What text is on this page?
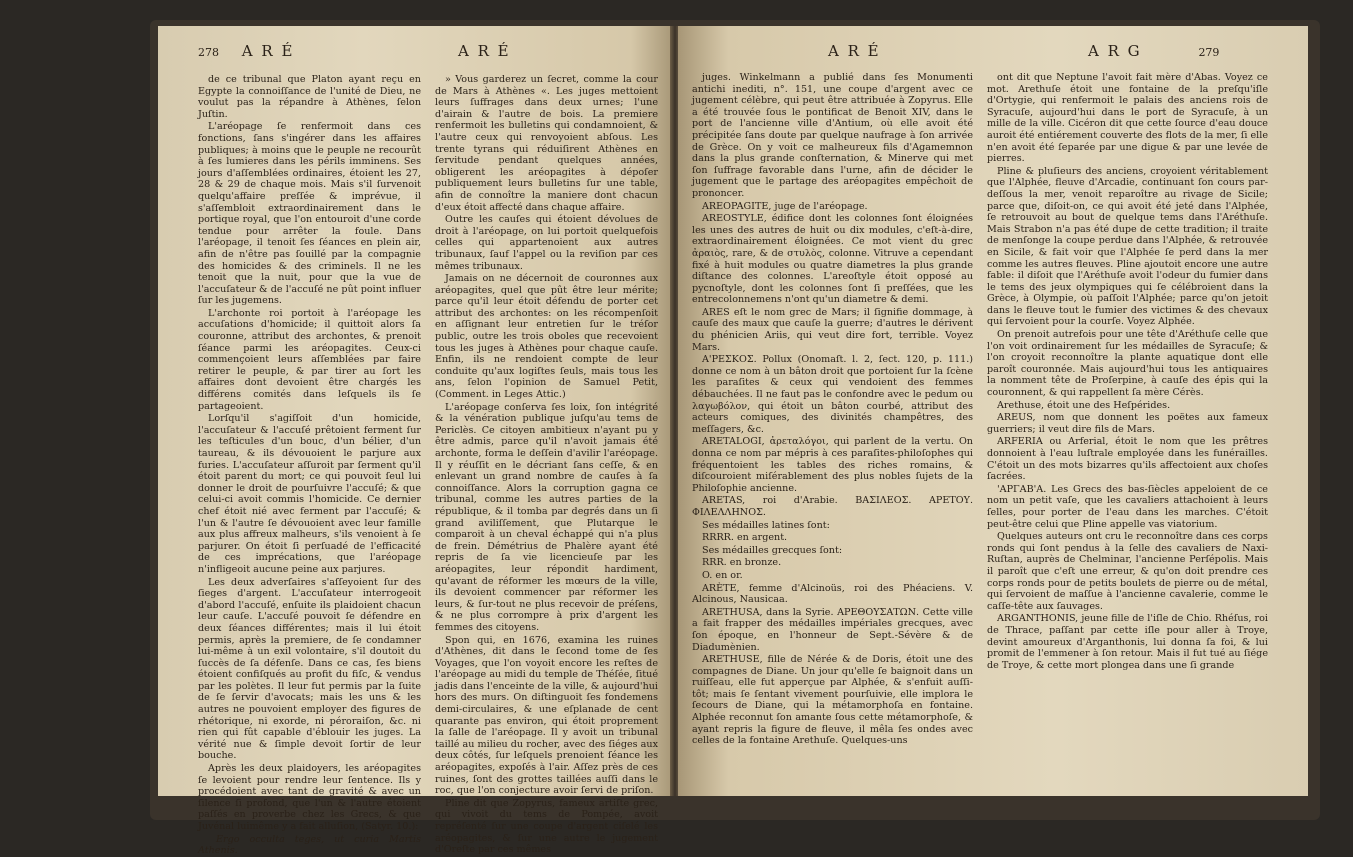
278 A R É	A R É

de ce tribunal que Platon ayant reçu en Egypte la connoiſſance de l'unité de Dieu, ne voulut pas la répandre à Athènes, ſelon Juſtin.

L'aréopage ſe renfermoit dans ces fonctions, ſans s'ingérer dans les affaires publiques; à moins que le peuple ne recourût à ſes lumieres dans les périls imminens. Ses jours d'aſſemblées ordinaires, étoient les 27, 28 & 29 de chaque mois. Mais s'il ſurvenoit quelqu'affaire preſſée & imprévue, il s'aſſembloit extraordinairement dans le portique royal, que l'on entouroit d'une corde tendue pour arrêter la foule. Dans l'aréopage, il tenoit ſes ſéances en plein air, afin de n'être pas ſouillé par la compagnie des homicides & des criminels. Il ne les tenoit que la nuit, pour que la vue de l'accuſateur & de l'accuſé ne pût point influer ſur les jugemens.

L'archonte roi portoit à l'aréopage les accuſations d'homicide; il quittoit alors ſa couronne, attribut des archontes, & prenoit ſéance parmi les aréopagites. Ceux-ci commençoient leurs aſſemblées par faire retirer le peuple, & par tirer au ſort les affaires dont devoient être chargés les différens comités dans leſquels ils ſe partageoient.

Lorſqu'il s'agiſſoit d'un homicide, l'accuſateur & l'accuſé prêtoient ferment ſur les teſticules d'un bouc, d'un bélier, d'un taureau, & ils dévouoient le parjure aux furies. L'accuſateur aſſuroit par ſerment qu'il étoit parent du mort; ce qui pouvoit ſeul lui donner le droit de pourſuivre l'accuſé; & que celui-ci avoit commis l'homicide. Ce dernier chef étoit nié avec ferment par l'accuſé; & l'un & l'autre ſe dévouoient avec leur famille aux plus affreux malheurs, s'ils venoient à ſe parjurer. On étoit ſi perſuadé de l'efficacité de ces imprécations, que l'aréopage n'infligeoit aucune peine aux parjures.

Les deux adverſaires s'aſſeyoient ſur des ſieges d'argent. L'accuſateur interrogeoit d'abord l'accuſé, enſuite ils plaidoient chacun leur cauſe. L'accuſé pouvoit ſe défendre en deux ſéances différentes; mais il lui étoit permis, après la premiere, de ſe condamner lui-même à un exil volontaire, s'il doutoit du ſuccès de ſa défenſe. Dans ce cas, ſes biens étoient confiſqués au profit du fiſc, & vendus par les polètes. Il leur fut permis par la ſuite de ſe ſervir d'avocats; mais les uns & les autres ne pouvoient employer des figures de rhétorique, ni exorde, ni péroraiſon, &c. ni rien qui fût capable d'éblouir les juges. La vérité nue & ſimple devoit ſortir de leur bouche.

Après les deux plaidoyers, les aréopagites ſe levoient pour rendre leur ſentence. Ils y procédoient avec tant de gravité & avec un ſilence ſi profond, que l'un & l'autre étoient paſſés en proverbe chez les Grecs, & que Juvénal luimême y a fait alluſion, (Satyr. 10.):

Ergo occulta teges, ut curia Martis Athenis.

» Vous garderez un ſecret, comme la cour de Mars à Athènes «. Les juges mettoient leurs ſuffrages dans deux urnes; l'une d'airain & l'autre de bois. La premiere renfermoit les bulletins qui condamnoient, & l'autre ceux qui renvoyoient abſous. Les trente tyrans qui réduiſirent Athènes en ſervitude pendant quelques années, obligerent les aréopagites à dépoſer publiquement leurs bulletins ſur une table, afin de connoître la maniere dont chacun d'eux étoit affecté dans chaque affaire.

Outre les cauſes qui étoient dévolues de droit à l'aréopage, on lui portoit quelquefois celles qui appartenoient aux autres tribunaux, ſauf l'appel ou la reviſion par ces mêmes tribunaux.

Jamais on ne décernoit de couronnes aux aréopagites, quel que pût être leur mérite; parce qu'il leur étoit défendu de porter cet attribut des archontes: on les récompenſoit en aſſignant leur entretien ſur le tréſor public, outre les trois oboles que recevoient tous les juges à Athènes pour chaque cauſe. Enfin, ils ne rendoient compte de leur conduite qu'aux logiſtes ſeuls, mais tous les ans, ſelon l'opinion de Samuel Petit, (Comment. in Leges Attic.)

L'aréopage conſerva ſes loix, ſon intégrité & la vénération publique juſqu'au tems de Periclès. Ce citoyen ambitieux n'ayant pu y être admis, parce qu'il n'avoit jamais été archonte, forma le deſſein d'avilir l'aréopage. Il y réuſſit en le décriant ſans ceſſe, & en enlevant un grand nombre de cauſes à ſa connoiſſance. Alors la corruption gagna ce tribunal, comme les autres parties de la république, & il tomba par degrés dans un ſi grand aviliſſement, que Plutarque le comparoit à un cheval échappé qui n'a plus de frein. Démétrius de Phalère ayant été repris de ſa vie licencieuſe par les aréopagites, leur répondit hardiment, qu'avant de réformer les mœurs de la ville, ils devoient commencer par réformer les leurs, & ſur-tout ne plus recevoir de préſens, & ne plus corrompre à prix d'argent les femmes des citoyens.

Spon qui, en 1676, examina les ruines d'Athènes, dit dans le ſecond tome de ſes Voyages, que l'on voyoit encore les reſtes de l'aréopage au midi du temple de Théſée, ſitué jadis dans l'enceinte de la ville, & aujourd'hui hors des murs. On diſtinguoit ſes fondemens demi-circulaires, & une eſplanade de cent quarante pas environ, qui étoit proprement la ſalle de l'aréopage. Il y avoit un tribunal taillé au milieu du rocher, avec des ſiéges aux deux côtés, ſur leſquels prenoient ſéance les aréopagites, expoſés à l'air. Aſſez près de ces ruines, ſont des grottes taillées auſſi dans le roc, que l'on conjecture avoir ſervi de priſon.

Pline dit que Zopyrus, fameux artiſte grec, qui vivoit du tems de Pompée, avoit repréſenté ſur une coupe d'argent ciſelé les aréopagites, & ſur une autre le jugement d'Oreſte par ces mêmes

A R É	A R G	279

juges. Winkelmann a publié dans ſes Monumenti antichi inediti, n°. 151, une coupe d'argent avec ce jugement célèbre, qui peut être attribuée à Zopyrus. Elle a été trouvée ſous le pontificat de Benoit XIV, dans le port de l'ancienne ville d'Antium, où elle avoit été précipitée ſans doute par quelque naufrage à ſon arrivée de Grèce. On y voit ce malheureux fils d'Agamemnon dans la plus grande conſternation, & Minerve qui met ſon ſuffrage favorable dans l'urne, afin de décider le jugement que le partage des aréopagites empêchoit de prononcer.

AREOPAGITE, juge de l'aréopage.

AREOSTYLE, édifice dont les colonnes ſont éloignées les unes des autres de huit ou dix modules, c'eſt-à-dire, extraordinairement éloignées. Ce mot vient du grec ἀραιὸς, rare, & de στυλὸς, colonne. Vitruve a cependant fixé à huit modules ou quatre diametres la plus grande diſtance des colonnes. L'areoſtyle étoit opposé au pycnoſtyle, dont les colonnes ſont ſi preſſées, que les entrecolonnemens n'ont qu'un diametre & demi.

ARES eſt le nom grec de Mars; il ſignifie dommage, à cauſe des maux que cauſe la guerre; d'autres le dérivent du phénicien Ariis, qui veut dire fort, terrible. Voyez Mars.

Α'ΡΕΣΚΟΣ. Pollux (Onomaſt. l. 2, ſect. 120, p. 111.) donne ce nom à un bâton droit que portoient ſur la ſcène les paraſites & ceux qui vendoient des femmes débauchées. Il ne faut pas le confondre avec le pedum ou λαγωβόλον, qui étoit un bâton courbé, attribut des acteurs comiques, des divinités champêtres, des meſſagers, &c.

ARETALOGI, ἀρεταλόγοι, qui parlent de la vertu. On donna ce nom par mépris à ces paraſites-philoſophes qui fréquentoient les tables des riches romains, & diſcouroient miſérablement des plus nobles ſujets de la Philoſophie ancienne.

ARETAS, roi d'Arabie. ΒΑΣΙΛΕΟΣ. ΑΡΕΤΟΥ. ΦΙΛΕΛΛΗΝΟΣ.

Ses médailles latines ſont:

RRRR. en argent.

Ses médailles grecques ſont:

RRR. en bronze.

O. en or.

ARÈTE, femme d'Alcinoüs, roi des Phéaciens. V. Alcinous, Nausicaa.

ARETHUSA, dans la Syrie. ΑΡΕΘΟΥΣΑΤΩΝ. Cette ville a fait frapper des médailles impériales grecques, avec ſon époque, en l'honneur de Sept.-Sévère & de Diadumènien.

ARETHUSE, fille de Nérée & de Doris, étoit une des compagnes de Diane. Un jour qu'elle ſe baignoit dans un ruiſſeau, elle fut apperçue par Alphée, & s'enfuit auſſi-tôt; mais ſe ſentant vivement pourſuivie, elle implora le ſecours de Diane, qui la métamorphoſa en fontaine. Alphée reconnut ſon amante ſous cette métamorphoſe, & ayant repris la figure de fleuve, il mêla ſes ondes avec celles de la fontaine Arethuſe. Quelques-uns

ont dit que Neptune l'avoit fait mère d'Abas. Voyez ce mot. Arethuſe étoit une fontaine de la preſqu'iſle d'Ortygie, qui renfermoit le palais des anciens rois de Syracuſe, aujourd'hui dans le port de Syracuſe, à un mille de la ville. Cicéron dit que cette ſource d'eau douce auroit été entiérement couverte des flots de la mer, ſi elle n'en avoit été ſeparée par une digue & par une levée de pierres.

Pline & pluſieurs des anciens, croyoient véritablement que l'Alphée, fleuve d'Arcadie, continuant ſon cours par-deſſous la mer, venoit reparoître au rivage de Sicile; parce que, diſoit-on, ce qui avoit été jeté dans l'Alphée, ſe retrouvoit au bout de quelque tems dans l'Aréthuſe. Mais Strabon n'a pas été dupe de cette tradition; il traite de menſonge la coupe perdue dans l'Alphée, & retrouvée en Sicile, & fait voir que l'Alphée ſe perd dans la mer comme les autres fleuves. Pline ajoutoit encore une autre fable: il diſoit que l'Aréthuſe avoit l'odeur du fumier dans le tems des jeux olympiques qui ſe célébroient dans la Grèce, à Olympie, où paſſoit l'Alphée; parce qu'on jetoit dans le fleuve tout le fumier des victimes & des chevaux qui ſervoient pour la courſe. Voyez Alphée.

On prenoit autrefois pour une tête d'Aréthuſe celle que l'on voit ordinairement ſur les médailles de Syracuſe; & l'on croyoit reconnoître la plante aquatique dont elle paroît couronnée. Mais aujourd'hui tous les antiquaires la nomment tête de Proſerpine, à cauſe des épis qui la couronnent, & qui rappellent ſa mère Cérès.

Arethuse, étoit une des Heſpérides.

AREUS, nom que donnent les poëtes aux fameux guerriers; il veut dire fils de Mars.

ARFERIA ou Arferial, étoit le nom que les prêtres donnoient à l'eau luſtrale employée dans les funérailles. C'étoit un des mots bizarres qu'ils affectoient aux choſes ſacrées.

'ΑΡΓΑΒ'Α. Les Grecs des bas-ſiècles appeloient de ce nom un petit vaſe, que les cavaliers attachoient à leurs ſelles, pour porter de l'eau dans les marches. C'étoit peut-être celui que Pline appelle vas viatorium.

Quelques auteurs ont cru le reconnoître dans ces corps ronds qui ſont pendus à la ſelle des cavaliers de Naxi-Ruſtan, auprès de Chelminar, l'ancienne Perſépolis. Mais il paroît que c'eſt une erreur, & qu'on doit prendre ces corps ronds pour de petits boulets de pierre ou de métal, qui ſervoient de maſſue à l'ancienne cavalerie, comme le caſſe-tête aux ſauvages.

ARGANTHONIS, jeune fille de l'iſle de Chio. Rhéſus, roi de Thrace, paſſant par cette iſle pour aller à Troye, devint amoureux d'Arganthonis, lui donna ſa foi, & lui promit de l'emmener à ſon retour. Mais il fut tué au ſiége de Troye, & cette mort plongea dans une ſi grande
